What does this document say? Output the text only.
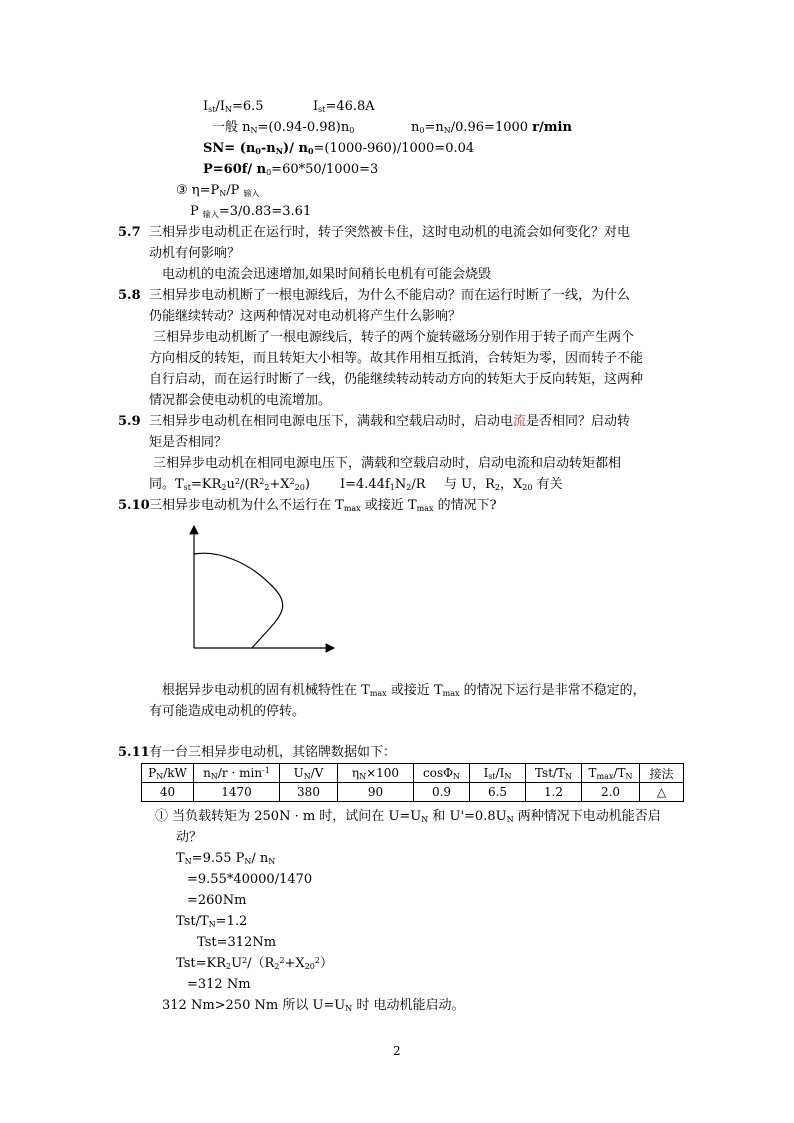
$I_{st}/I_N=6.5$	$I_{st}=46.8A$
一般 $n_N=(0.94-0.98)n_0$	$n_0=n_N/0.96=1000$ r/min
$SN= (n_0-n_N)/$ $n_0=(1000-960)/1000=0.04$
P=60f/ $n_0=60*50/1000=3$
③ $\eta=P_N/P$ $_{输入}$
P $_{输入}$=3/0.83=3.61
5.7 三相异步电动机正在运行时，转子突然被卡住，这时电动机的电流会如何变化？对电
动机有何影响？
电动机的电流会迅速增加,如果时间稍长电机有可能会烧毁
5.8 三相异步电动机断了一根电源线后，为什么不能启动？而在运行时断了一线，为什么
仍能继续转动？这两种情况对电动机将产生什么影响？
三相异步电动机断了一根电源线后，转子的两个旋转磁场分别作用于转子而产生两个
方向相反的转矩，而且转矩大小相等。故其作用相互抵消，合转矩为零，因而转子不能
自行启动，而在运行时断了一线，仍能继续转动转动方向的转矩大于反向转矩，这两种
情况都会使电动机的电流增加。
5.9 三相异步电动机在相同电源电压下，满载和空载启动时，启动电流是否相同？启动转
矩是否相同？
三相异步电动机在相同电源电压下，满载和空载启动时，启动电流和启动转矩都相
同。$T_{st}=KR_2u^2/(R^2_2+X^2_{20})$ $I=4.44f_1N_2/R$ 与 U，$R_2$，$X_{20}$ 有关
5.10 三相异步电动机为什么不运行在 $T_{max}$ 或接近 $T_{max}$ 的情况下?
根据异步电动机的固有机械特性在 $T_{max}$ 或接近 $T_{max}$ 的情况下运行是非常不稳定的，
有可能造成电动机的停转。
5.11 有一台三相异步电动机，其铭牌数据如下：
$P_N/kW$	$n_N/r \cdot \min^{-1}$	$U_N/V$	$\eta_N\times 100$	cosΦ$_N$	$I_{st}/I_N$	Tst/$T_N$	$T_{max}/T_N$	接法
40	1470	380	90	0.9	6.5	1.2	2.0	△
① 当负载转矩为 250N · m 时，试问在 $U=U_N$ 和 $U'=0.8U_N$ 两种情况下电动机能否启
动？
$T_N=9.55$ $P_N/$ $n_N$
=9.55*40000/1470
=260Nm
Tst/$T_N=1.2$
Tst=312Nm
$Tst=KR_2U^2/(R_2^2+X_{20}^2)$
=312 Nm
312 Nm>250 Nm 所以 $U=U_N$ 时 电动机能启动。
2
